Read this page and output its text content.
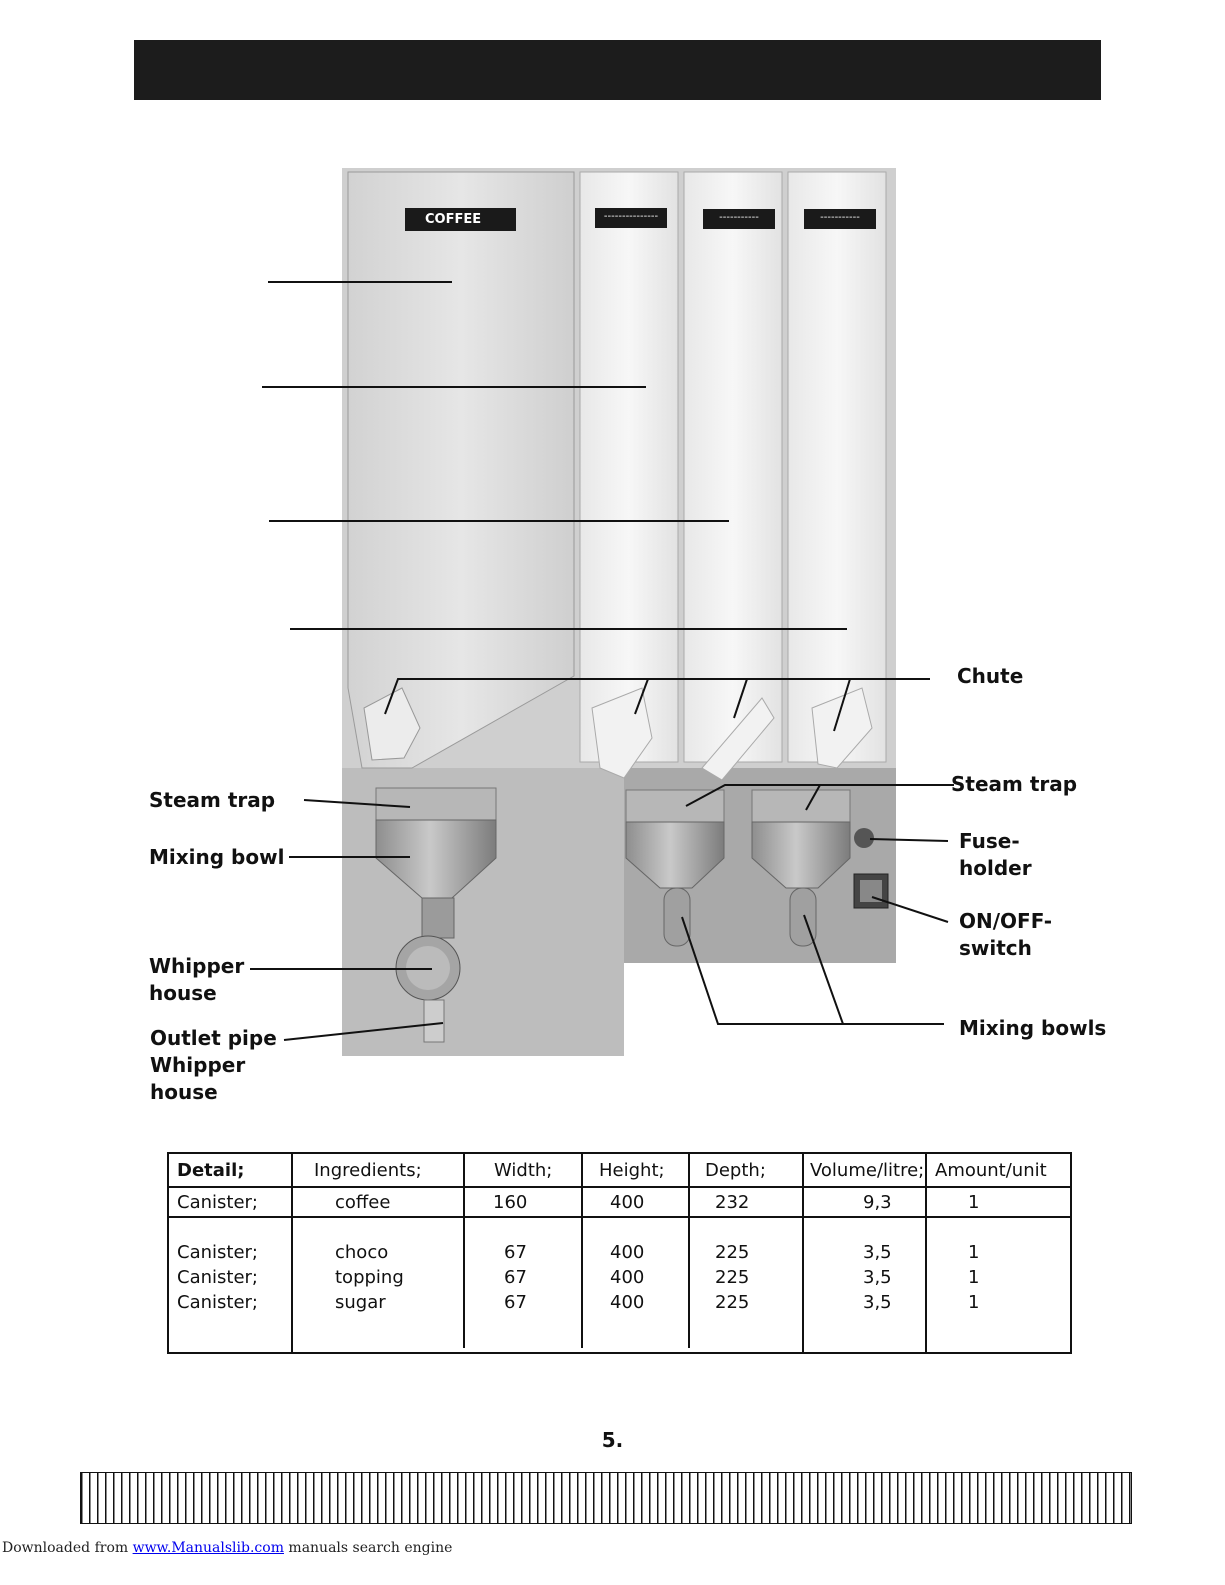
COFFEE	---------------	-----------	-----------
Chute
Steam trap
Fuse-
holder
ON/OFF-
switch
Mixing bowls
Steam trap
Mixing bowl
Whipper
house
Outlet pipe
Whipper
house
Detail;	Ingredients;	Width;	Height; Depth; Volume/litre; Amount/unit
Canister;	coffee	160	400	232	9,3	1
Canister;	choco	67	400	225	3,5	1
Canister;	topping	67	400	225	3,5	1
Canister;	sugar	67	400	225	3,5	1
5.
Downloaded from www.Manualslib.com manuals search engine
